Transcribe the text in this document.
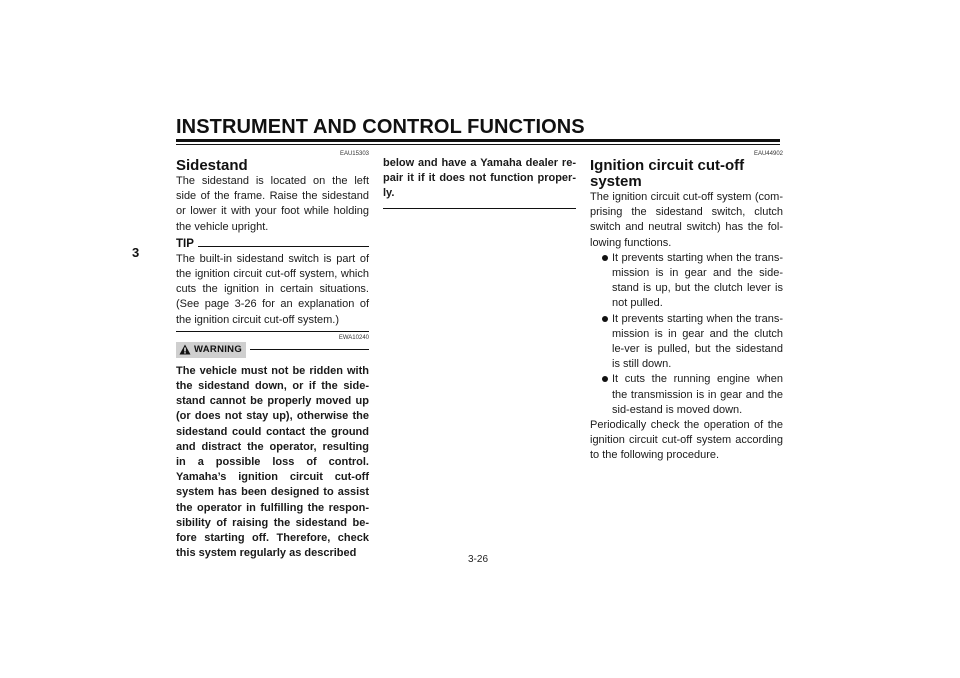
INSTRUMENT AND CONTROL FUNCTIONS
3
EAU15303
Sidestand

The sidestand is located on the left side of the frame. Raise the sidestand or lower it with your foot while holding the vehicle upright.

TIP

The built-in sidestand switch is part of the ignition circuit cut-off system, which cuts the ignition in certain situations. (See page 3-26 for an explanation of the ignition circuit cut-off system.)

EWA10240
WARNING

The vehicle must not be ridden with the sidestand down, or if the side-stand cannot be properly moved up (or does not stay up), otherwise the sidestand could contact the ground and distract the operator, resulting in a possible loss of control. Yamaha’s ignition circuit cut-off system has been designed to assist the operator in fulfilling the respon-sibility of raising the sidestand be-fore starting off. Therefore, check this system regularly as described

below and have a Yamaha dealer re-pair it if it does not function proper-ly.

EAU44902
Ignition circuit cut-off system

The ignition circuit cut-off system (com-prising the sidestand switch, clutch switch and neutral switch) has the fol-lowing functions.

It prevents starting when the trans-mission is in gear and the side-stand is up, but the clutch lever is not pulled.

It prevents starting when the trans-mission is in gear and the clutch le-ver is pulled, but the sidestand is still down.

It cuts the running engine when the transmission is in gear and the sid-estand is moved down.

Periodically check the operation of the ignition circuit cut-off system according to the following procedure.

3-26
